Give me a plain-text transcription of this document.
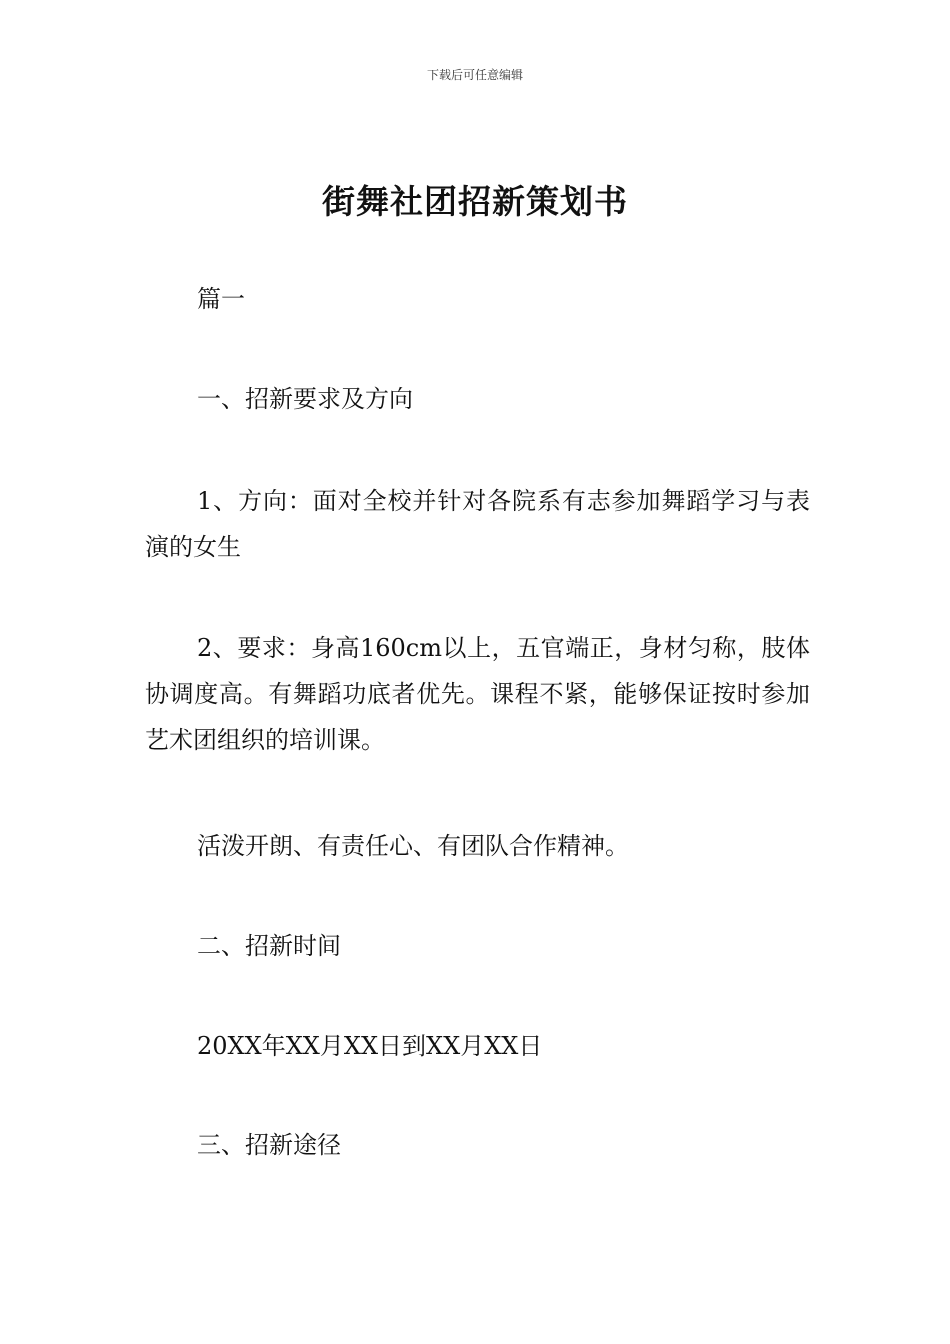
下载后可任意编辑
街舞社团招新策划书

篇一

一、招新要求及方向

1、方向：面对全校并针对各院系有志参加舞蹈学习与表演的女生

2、要求：身高160cm以上，五官端正，身材匀称，肢体协调度高。有舞蹈功底者优先。课程不紧，能够保证按时参加艺术团组织的培训课。

活泼开朗、有责任心、有团队合作精神。

二、招新时间

20XX年XX月XX日到XX月XX日

三、招新途径
